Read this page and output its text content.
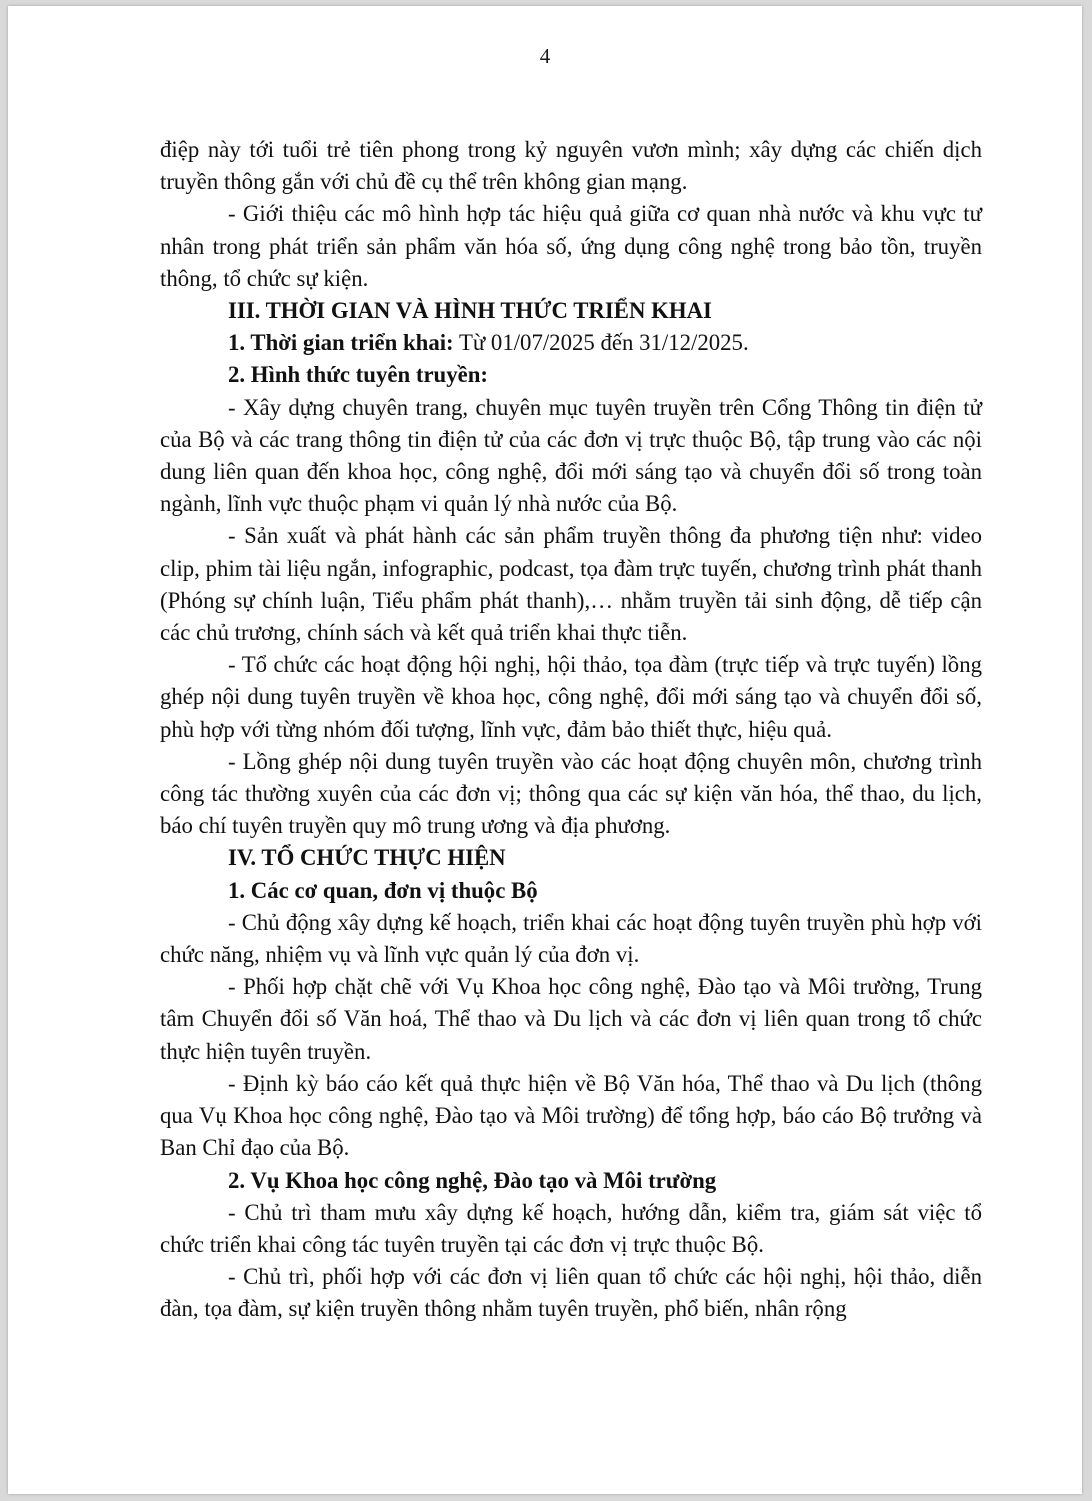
4

điệp này tới tuổi trẻ tiên phong trong kỷ nguyên vươn mình; xây dựng các chiến dịch truyền thông gắn với chủ đề cụ thể trên không gian mạng.

- Giới thiệu các mô hình hợp tác hiệu quả giữa cơ quan nhà nước và khu vực tư nhân trong phát triển sản phẩm văn hóa số, ứng dụng công nghệ trong bảo tồn, truyền thông, tổ chức sự kiện.

III. THỜI GIAN VÀ HÌNH THỨC TRIỂN KHAI

1. Thời gian triển khai: Từ 01/07/2025 đến 31/12/2025.

2. Hình thức tuyên truyền:

- Xây dựng chuyên trang, chuyên mục tuyên truyền trên Cổng Thông tin điện tử của Bộ và các trang thông tin điện tử của các đơn vị trực thuộc Bộ, tập trung vào các nội dung liên quan đến khoa học, công nghệ, đổi mới sáng tạo và chuyển đổi số trong toàn ngành, lĩnh vực thuộc phạm vi quản lý nhà nước của Bộ.

- Sản xuất và phát hành các sản phẩm truyền thông đa phương tiện như: video clip, phim tài liệu ngắn, infographic, podcast, tọa đàm trực tuyến, chương trình phát thanh (Phóng sự chính luận, Tiểu phẩm phát thanh),… nhằm truyền tải sinh động, dễ tiếp cận các chủ trương, chính sách và kết quả triển khai thực tiễn.

- Tổ chức các hoạt động hội nghị, hội thảo, tọa đàm (trực tiếp và trực tuyến) lồng ghép nội dung tuyên truyền về khoa học, công nghệ, đổi mới sáng tạo và chuyển đổi số, phù hợp với từng nhóm đối tượng, lĩnh vực, đảm bảo thiết thực, hiệu quả.

- Lồng ghép nội dung tuyên truyền vào các hoạt động chuyên môn, chương trình công tác thường xuyên của các đơn vị; thông qua các sự kiện văn hóa, thể thao, du lịch, báo chí tuyên truyền quy mô trung ương và địa phương.

IV. TỔ CHỨC THỰC HIỆN

1. Các cơ quan, đơn vị thuộc Bộ

- Chủ động xây dựng kế hoạch, triển khai các hoạt động tuyên truyền phù hợp với chức năng, nhiệm vụ và lĩnh vực quản lý của đơn vị.

- Phối hợp chặt chẽ với Vụ Khoa học công nghệ, Đào tạo và Môi trường, Trung tâm Chuyển đổi số Văn hoá, Thể thao và Du lịch và các đơn vị liên quan trong tổ chức thực hiện tuyên truyền.

- Định kỳ báo cáo kết quả thực hiện về Bộ Văn hóa, Thể thao và Du lịch (thông qua Vụ Khoa học công nghệ, Đào tạo và Môi trường) để tổng hợp, báo cáo Bộ trưởng và Ban Chỉ đạo của Bộ.

2. Vụ Khoa học công nghệ, Đào tạo và Môi trường

- Chủ trì tham mưu xây dựng kế hoạch, hướng dẫn, kiểm tra, giám sát việc tổ chức triển khai công tác tuyên truyền tại các đơn vị trực thuộc Bộ.

- Chủ trì, phối hợp với các đơn vị liên quan tổ chức các hội nghị, hội thảo, diễn đàn, tọa đàm, sự kiện truyền thông nhằm tuyên truyền, phổ biến, nhân rộng
